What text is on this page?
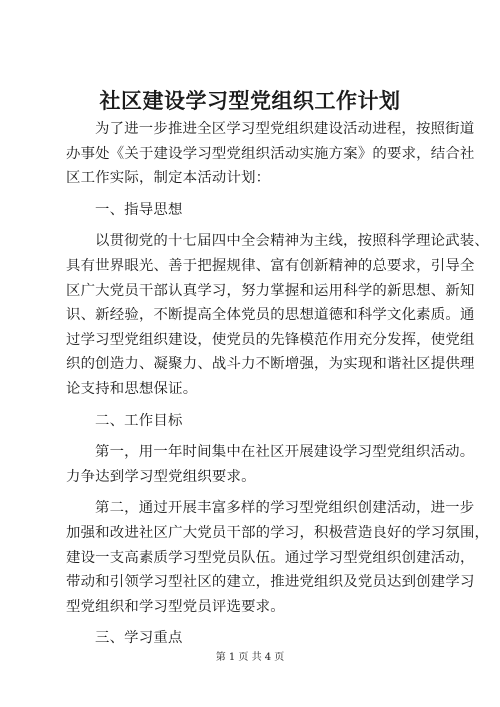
社区建设学习型党组织工作计划
为了进一步推进全区学习型党组织建设活动进程，按照街道
办事处《关于建设学习型党组织活动实施方案》的要求，结合社
区工作实际，制定本活动计划：
一、指导思想
以贯彻党的十七届四中全会精神为主线，按照科学理论武装、
具有世界眼光、善于把握规律、富有创新精神的总要求，引导全
区广大党员干部认真学习，努力掌握和运用科学的新思想、新知
识、新经验，不断提高全体党员的思想道德和科学文化素质。通
过学习型党组织建设，使党员的先锋模范作用充分发挥，使党组
织的创造力、凝聚力、战斗力不断增强，为实现和谐社区提供理
论支持和思想保证。
二、工作目标
第一，用一年时间集中在社区开展建设学习型党组织活动。
力争达到学习型党组织要求。
第二，通过开展丰富多样的学习型党组织创建活动，进一步
加强和改进社区广大党员干部的学习，积极营造良好的学习氛围，
建设一支高素质学习型党员队伍。通过学习型党组织创建活动，
带动和引领学习型社区的建立，推进党组织及党员达到创建学习
型党组织和学习型党员评选要求。
三、学习重点
第 1 页 共 4 页
